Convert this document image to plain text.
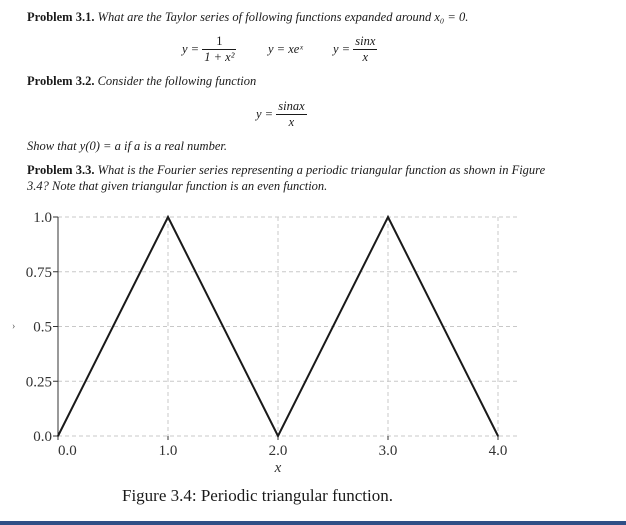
Problem 3.1. What are the Taylor series of following functions expanded around x₀ = 0.
$y = \frac{1}{\text{1 + x²}}$	y = xeˣ $y = \frac{\sin x}{x}$
Problem 3.2. Consider the following function
$y = \frac{\text{sinax}}{x}$
Show that y(0) = a if a is a real number.
Problem 3.3. What is the Fourier series representing a periodic triangular function as shown in Figure
3.4? Note that given triangular function is an even function.
0.0
0.25
0.5
0.75
1.0
0.0	1.0	2.0	3.0	4.0
x
›
Figure 3.4: Periodic triangular function.
